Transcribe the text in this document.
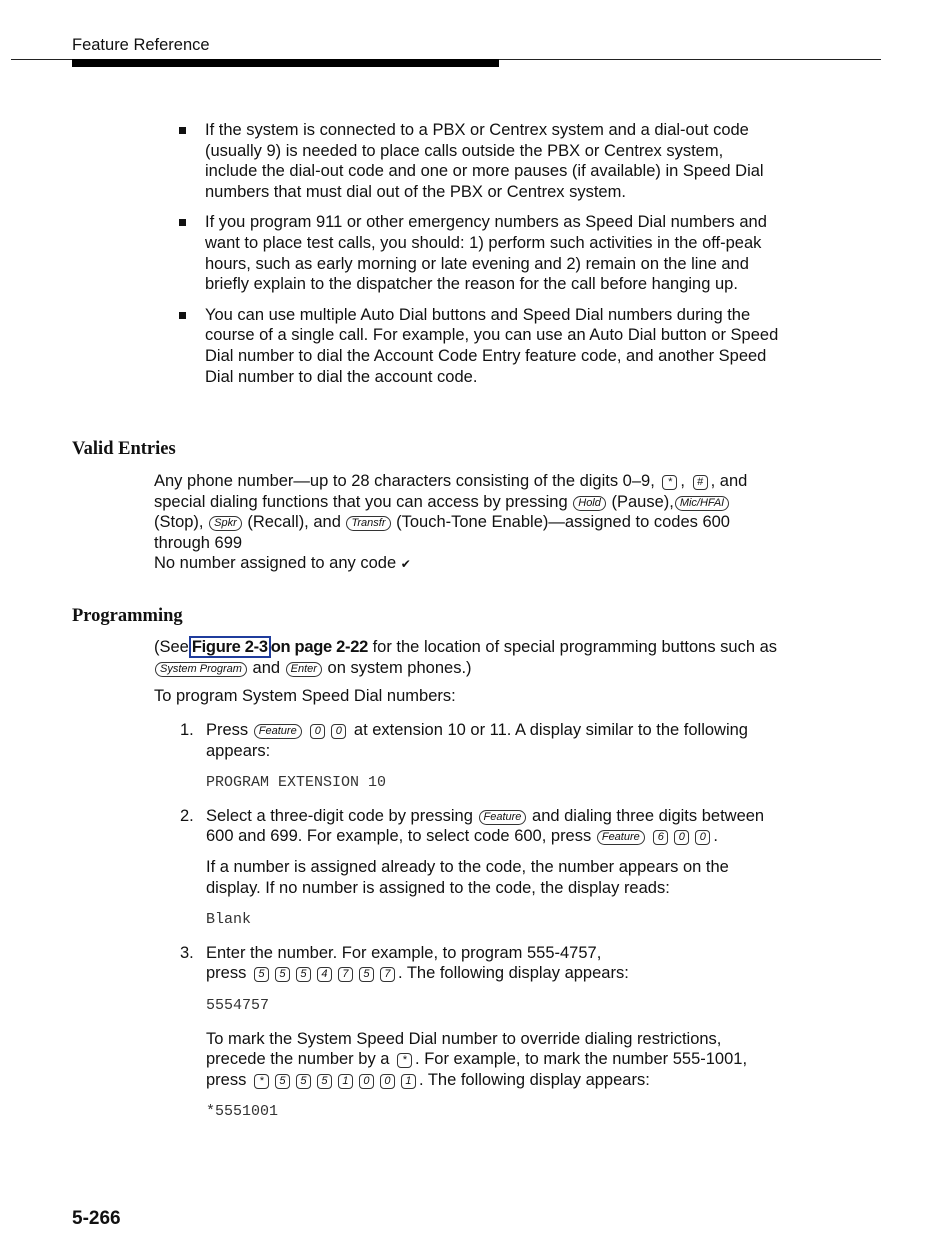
Feature Reference
If the system is connected to a PBX or Centrex system and a dial-out code (usually 9) is needed to place calls outside the PBX or Centrex system, include the dial-out code and one or more pauses (if available) in Speed Dial numbers that must dial out of the PBX or Centrex system.
If you program 911 or other emergency numbers as Speed Dial numbers and want to place test calls, you should: 1) perform such activities in the off-peak hours, such as early morning or late evening and 2) remain on the line and briefly explain to the dispatcher the reason for the call before hanging up.
You can use multiple Auto Dial buttons and Speed Dial numbers during the course of a single call. For example, you can use an Auto Dial button or Speed Dial number to dial the Account Code Entry feature code, and another Speed Dial number to dial the account code.
Valid Entries
Any phone number—up to 28 characters consisting of the digits 0–9, * , # , and special dialing functions that you can access by pressing Hold (Pause), Mic/HFAI (Stop), Spkr (Recall), and Transfr (Touch-Tone Enable)—assigned to codes 600 through 699
No number assigned to any code ✔
Programming
(See Figure 2-3 on page 2-22 for the location of special programming buttons such as System Program and Enter on system phones.)
To program System Speed Dial numbers:
1. Press Feature 0 0 at extension 10 or 11. A display similar to the following appears:
PROGRAM EXTENSION 10
2. Select a three-digit code by pressing Feature and dialing three digits between 600 and 699. For example, to select code 600, press Feature 6 0 0 .
If a number is assigned already to the code, the number appears on the display. If no number is assigned to the code, the display reads:
Blank
3. Enter the number. For example, to program 555-4757,
press 5 5 5 4 7 5 7 . The following display appears:
5554757
To mark the System Speed Dial number to override dialing restrictions, precede the number by a * . For example, to mark the number 555-1001,
press * 5 5 5 1 0 0 1 . The following display appears:
*5551001
5-266
